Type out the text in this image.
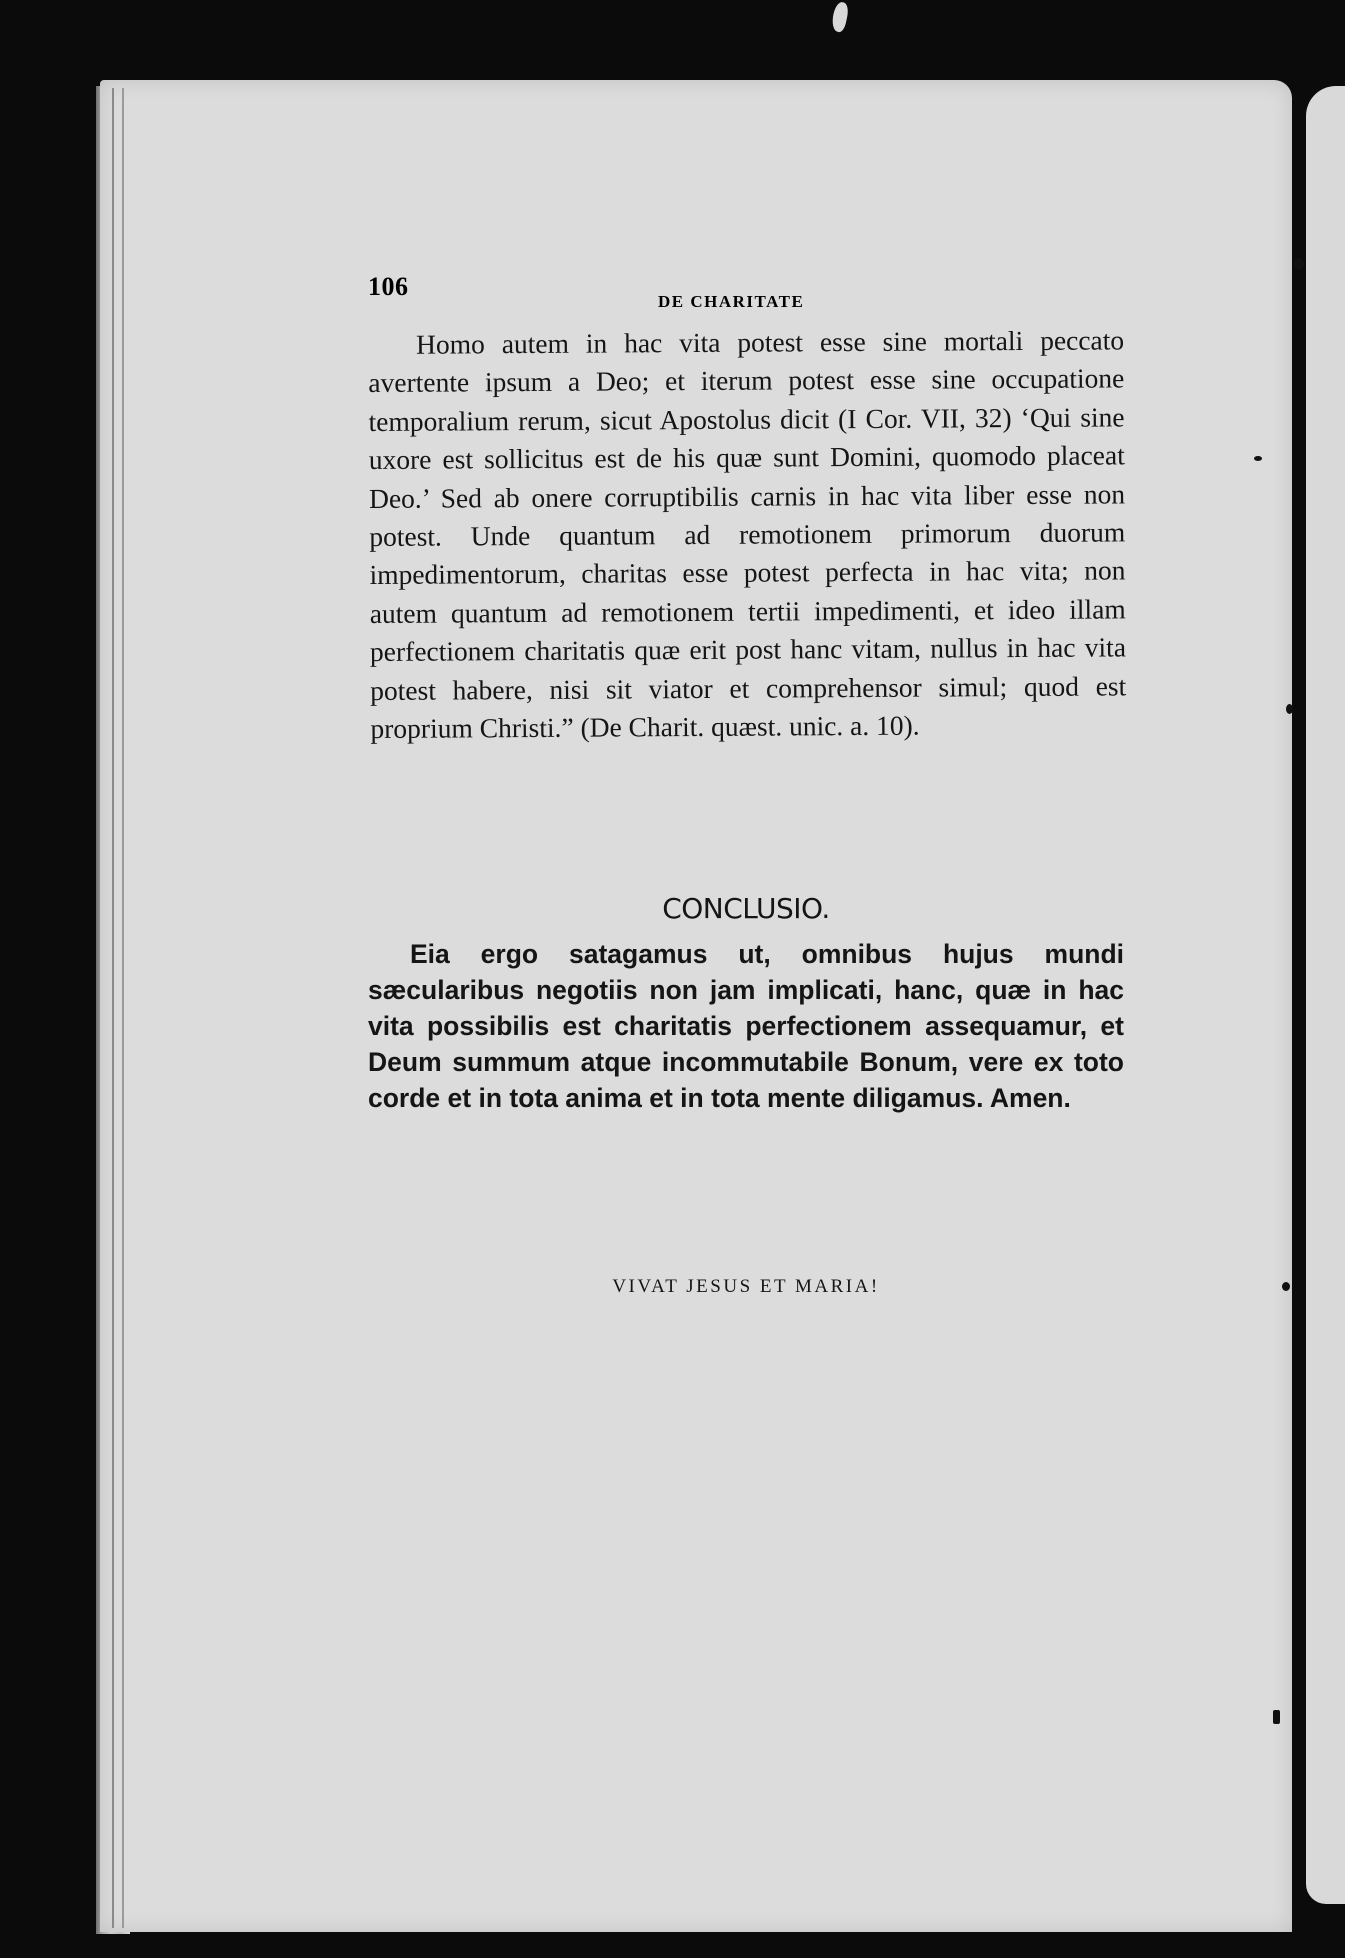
106
DE CHARITATE

Homo autem in hac vita potest esse sine mortali peccato avertente ipsum a Deo; et iterum potest esse sine occupatione temporalium rerum, sicut Apostolus dicit (I Cor. VII, 32) ‘Qui sine uxore est sollicitus est de his quæ sunt Domini, quomodo placeat Deo.’ Sed ab onere corruptibilis carnis in hac vita liber esse non potest. Unde quantum ad remotionem primorum duorum impedimentorum, charitas esse potest perfecta in hac vita; non autem quantum ad remotionem tertii impedimenti, et ideo illam perfectionem charitatis quæ erit post hanc vitam, nullus in hac vita potest habere, nisi sit viator et comprehensor simul; quod est proprium Christi.” (De Charit. quæst. unic. a. 10).

CONCLUSIO.

Eia ergo satagamus ut, omnibus hujus mundi sæcularibus negotiis non jam implicati, hanc, quæ in hac vita possibilis est charitatis perfectionem assequamur, et Deum summum atque incommutabile Bonum, vere ex toto corde et in tota anima et in tota mente diligamus. Amen.

VIVAT JESUS ET MARIA!
